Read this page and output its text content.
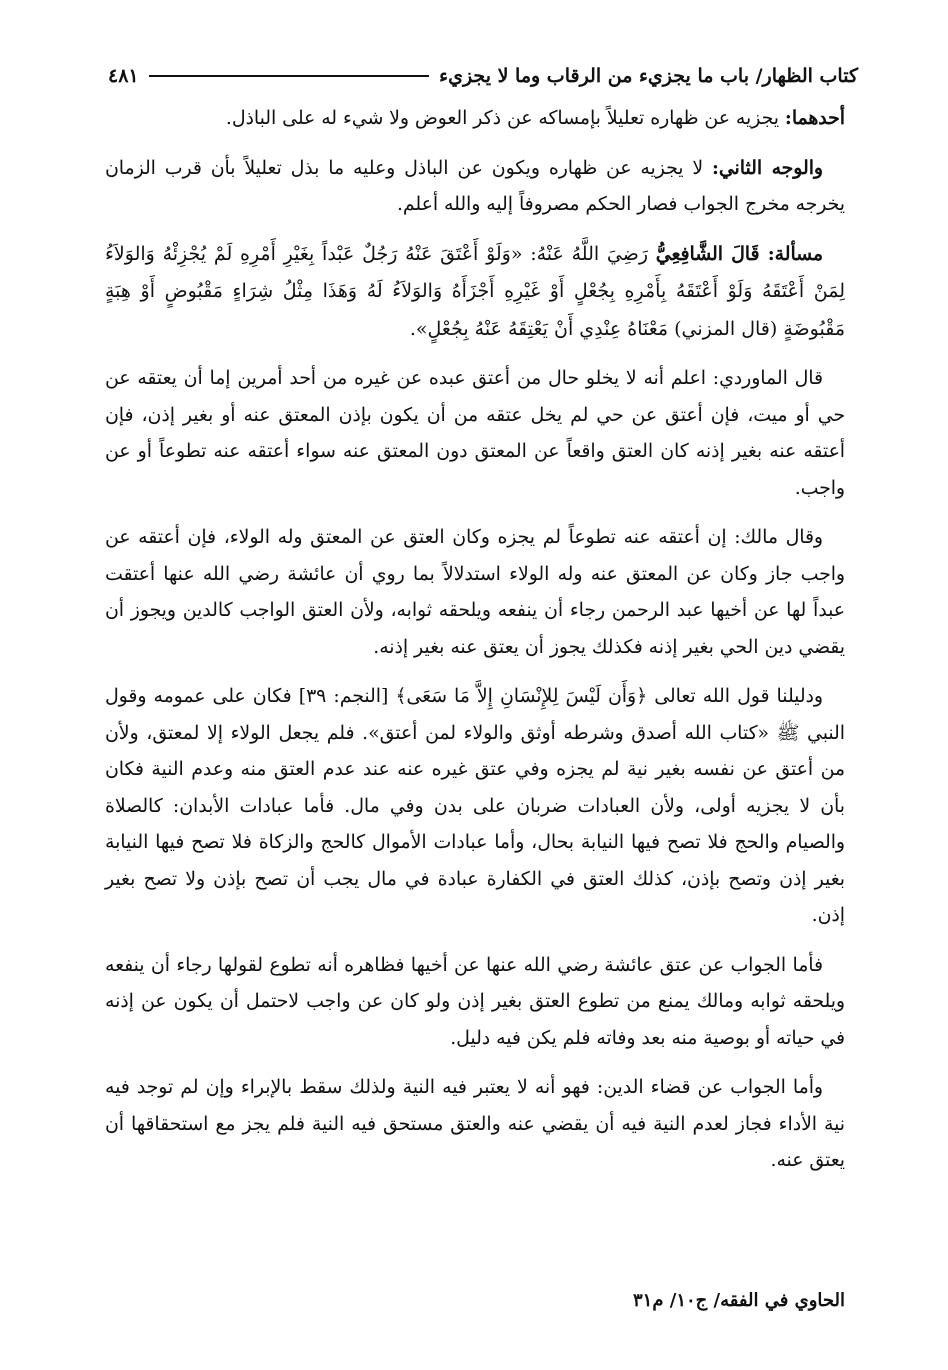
كتاب الظهار/ باب ما يجزيء من الرقاب وما لا يجزيء
٤٨١

أحدهما: يجزيه عن ظهاره تعليلاً بإمساكه عن ذكر العوض ولا شيء له على الباذل.

والوجه الثاني: لا يجزيه عن ظهاره ويكون عن الباذل وعليه ما بذل تعليلاً بأن قرب الزمان يخرجه مخرج الجواب فصار الحكم مصروفاً إليه والله أعلم.

مسألة: قَالَ الشَّافِعِيُّ رَضِيَ اللَّهُ عَنْهُ: «وَلَوْ أَعْتَقَ عَنْهُ رَجُلٌ عَبْداً بِغَيْرِ أَمْرِهِ لَمْ يُجْزِئْهُ وَالوَلاَءُ لِمَنْ أَعْتَقَهُ وَلَوْ أَعْتَقَهُ بِأَمْرِهِ بِجُعْلٍ أَوْ غَيْرِهِ أَجْزَأَهُ وَالوَلاَءُ لَهُ وَهَذَا مِثْلُ شِرَاءٍ مَقْبُوضٍ أَوْ هِبَةٍ مَقْبُوضَةٍ (قال المزني) مَعْنَاهُ عِنْدِي أَنْ يَعْتِقَهُ عَنْهُ بِجُعْلٍ».

قال الماوردي: اعلم أنه لا يخلو حال من أعتق عبده عن غيره من أحد أمرين إما أن يعتقه عن حي أو ميت، فإن أعتق عن حي لم يخل عتقه من أن يكون بإذن المعتق عنه أو بغير إذن، فإن أعتقه عنه بغير إذنه كان العتق واقعاً عن المعتق دون المعتق عنه سواء أعتقه عنه تطوعاً أو عن واجب.

وقال مالك: إن أعتقه عنه تطوعاً لم يجزه وكان العتق عن المعتق وله الولاء، فإن أعتقه عن واجب جاز وكان عن المعتق عنه وله الولاء استدلالاً بما روي أن عائشة رضي الله عنها أعتقت عبداً لها عن أخيها عبد الرحمن رجاء أن ينفعه ويلحقه ثوابه، ولأن العتق الواجب كالدين ويجوز أن يقضي دين الحي بغير إذنه فكذلك يجوز أن يعتق عنه بغير إذنه.

ودليلنا قول الله تعالى ﴿وَأَن لَيْسَ لِلإِنْسَانِ إِلاَّ مَا سَعَى﴾ [النجم: ٣٩] فكان على عمومه وقول النبي ﷺ «كتاب الله أصدق وشرطه أوثق والولاء لمن أعتق». فلم يجعل الولاء إلا لمعتق، ولأن من أعتق عن نفسه بغير نية لم يجزه وفي عتق غيره عنه عند عدم العتق منه وعدم النية فكان بأن لا يجزيه أولى، ولأن العبادات ضربان على بدن وفي مال. فأما عبادات الأبدان: كالصلاة والصيام والحج فلا تصح فيها النيابة بحال، وأما عبادات الأموال كالحج والزكاة فلا تصح فيها النيابة بغير إذن وتصح بإذن، كذلك العتق في الكفارة عبادة في مال يجب أن تصح بإذن ولا تصح بغير إذن.

فأما الجواب عن عتق عائشة رضي الله عنها عن أخيها فظاهره أنه تطوع لقولها رجاء أن ينفعه ويلحقه ثوابه ومالك يمنع من تطوع العتق بغير إذن ولو كان عن واجب لاحتمل أن يكون عن إذنه في حياته أو بوصية منه بعد وفاته فلم يكن فيه دليل.

وأما الجواب عن قضاء الدين: فهو أنه لا يعتبر فيه النية ولذلك سقط بالإبراء وإن لم توجد فيه نية الأداء فجاز لعدم النية فيه أن يقضي عنه والعتق مستحق فيه النية فلم يجز مع استحقاقها أن يعتق عنه.

الحاوي في الفقه/ ج١٠/ م٣١
